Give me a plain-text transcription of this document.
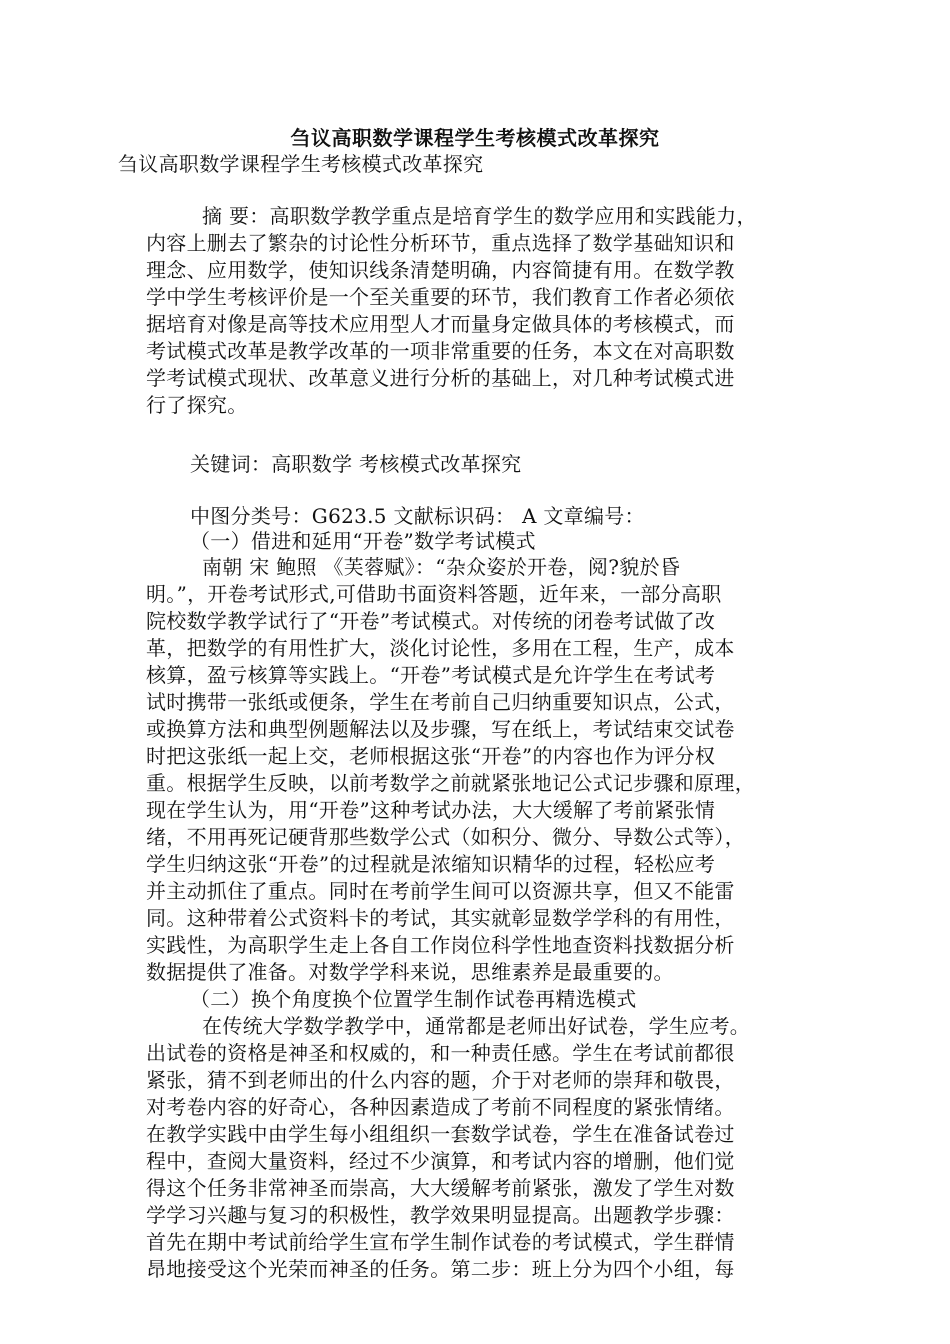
刍议高职数学课程学生考核模式改革探究
刍议高职数学课程学生考核模式改革探究
摘 要：高职数学教学重点是培育学生的数学应用和实践能力，
内容上删去了繁杂的讨论性分析环节，重点选择了数学基础知识和
理念、应用数学，使知识线条清楚明确，内容简捷有用。在数学教
学中学生考核评价是一个至关重要的环节，我们教育工作者必须依
据培育对像是高等技术应用型人才而量身定做具体的考核模式，而
考试模式改革是教学改革的一项非常重要的任务，本文在对高职数
学考试模式现状、改革意义进行分析的基础上，对几种考试模式进
行了探究。
关键词：高职数学 考核模式改革探究
中图分类号：G623.5 文献标识码： A 文章编号：
（一）借进和延用“开卷”数学考试模式
南朝 宋 鲍照 《芙蓉赋》：“杂众姿於开卷，阅?貌於昏
明。”，开卷考试形式,可借助书面资料答题，近年来，一部分高职
院校数学教学试行了“开卷”考试模式。对传统的闭卷考试做了改
革，把数学的有用性扩大，淡化讨论性，多用在工程，生产，成本
核算，盈亏核算等实践上。“开卷”考试模式是允许学生在考试考
试时携带一张纸或便条，学生在考前自己归纳重要知识点，公式，
或换算方法和典型例题解法以及步骤，写在纸上，考试结束交试卷
时把这张纸一起上交，老师根据这张“开卷”的内容也作为评分权
重。根据学生反映，以前考数学之前就紧张地记公式记步骤和原理，
现在学生认为，用“开卷”这种考试办法，大大缓解了考前紧张情
绪，不用再死记硬背那些数学公式（如积分、微分、导数公式等），
学生归纳这张“开卷”的过程就是浓缩知识精华的过程，轻松应考
并主动抓住了重点。同时在考前学生间可以资源共享，但又不能雷
同。这种带着公式资料卡的考试，其实就彰显数学学科的有用性，
实践性，为高职学生走上各自工作岗位科学性地查资料找数据分析
数据提供了准备。对数学学科来说，思维素养是最重要的。
（二）换个角度换个位置学生制作试卷再精选模式
在传统大学数学教学中，通常都是老师出好试卷，学生应考。
出试卷的资格是神圣和权威的，和一种责任感。学生在考试前都很
紧张，猜不到老师出的什么内容的题，介于对老师的崇拜和敬畏，
对考卷内容的好奇心，各种因素造成了考前不同程度的紧张情绪。
在教学实践中由学生每小组组织一套数学试卷，学生在准备试卷过
程中，查阅大量资料，经过不少演算，和考试内容的增删，他们觉
得这个任务非常神圣而崇高，大大缓解考前紧张，激发了学生对数
学学习兴趣与复习的积极性，教学效果明显提高。出题教学步骤：
首先在期中考试前给学生宣布学生制作试卷的考试模式，学生群情
昂地接受这个光荣而神圣的任务。第二步：班上分为四个小组，每
